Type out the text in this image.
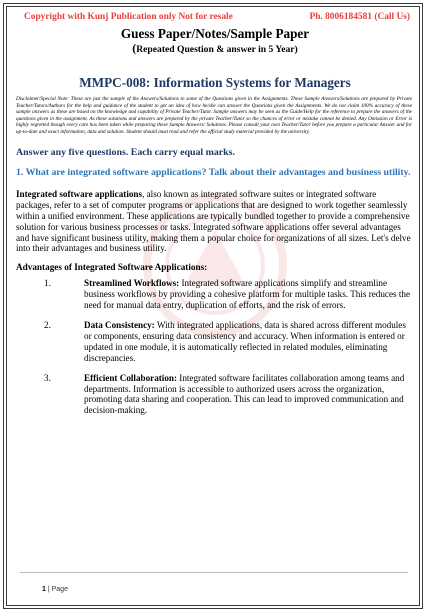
Copyright with Kunj Publication only Not for resale	Ph. 8006184581 (Call Us)
Guess Paper/Notes/Sample Paper
(Repeated Question & answer in 5 Year)
MMPC-008: Information Systems for Managers
Disclaimer/Special Note: These are just the sample of the Answers/Solutions to some of the Questions given in the Assignments. These Sample Answers/Solutions are prepared by Private Teacher/Tutors/Authors for the help and guidance of the student to get an idea of how he/she can answer the Questions given the Assignments. We do not claim 100% accuracy of these sample answers as these are based on the knowledge and capability of Private Teacher/Tutor. Sample answers may be seen as the Guide/Help for the reference to prepare the answers of the questions given in the assignment. As these solutions and answers are prepared by the private Teacher/Tutor so the chances of error or mistake cannot be denied. Any Omission or Error is highly regretted though every care has been taken while preparing these Sample Answers/ Solutions. Please consult your own Teacher/Tutor before you prepare a particular Answer and for up-to-date and exact information, data and solution. Student should must read and refer the official study material provided by the university.
Answer any five questions. Each carry equal marks.
1. What are integrated software applications? Talk about their advantages and business utility.
Integrated software applications, also known as integrated software suites or integrated software packages, refer to a set of computer programs or applications that are designed to work together seamlessly within a unified environment. These applications are typically bundled together to provide a comprehensive solution for various business processes or tasks. Integrated software applications offer several advantages and have significant business utility, making them a popular choice for organizations of all sizes. Let's delve into their advantages and business utility.
Advantages of Integrated Software Applications:
1.	Streamlined Workflows: Integrated software applications simplify and streamline business workflows by providing a cohesive platform for multiple tasks. This reduces the need for manual data entry, duplication of efforts, and the risk of errors.
2.	Data Consistency: With integrated applications, data is shared across different modules or components, ensuring data consistency and accuracy. When information is entered or updated in one module, it is automatically reflected in related modules, eliminating discrepancies.
3.	Efficient Collaboration: Integrated software facilitates collaboration among teams and departments. Information is accessible to authorized users across the organization, promoting data sharing and cooperation. This can lead to improved communication and decision-making.
1 | Page
